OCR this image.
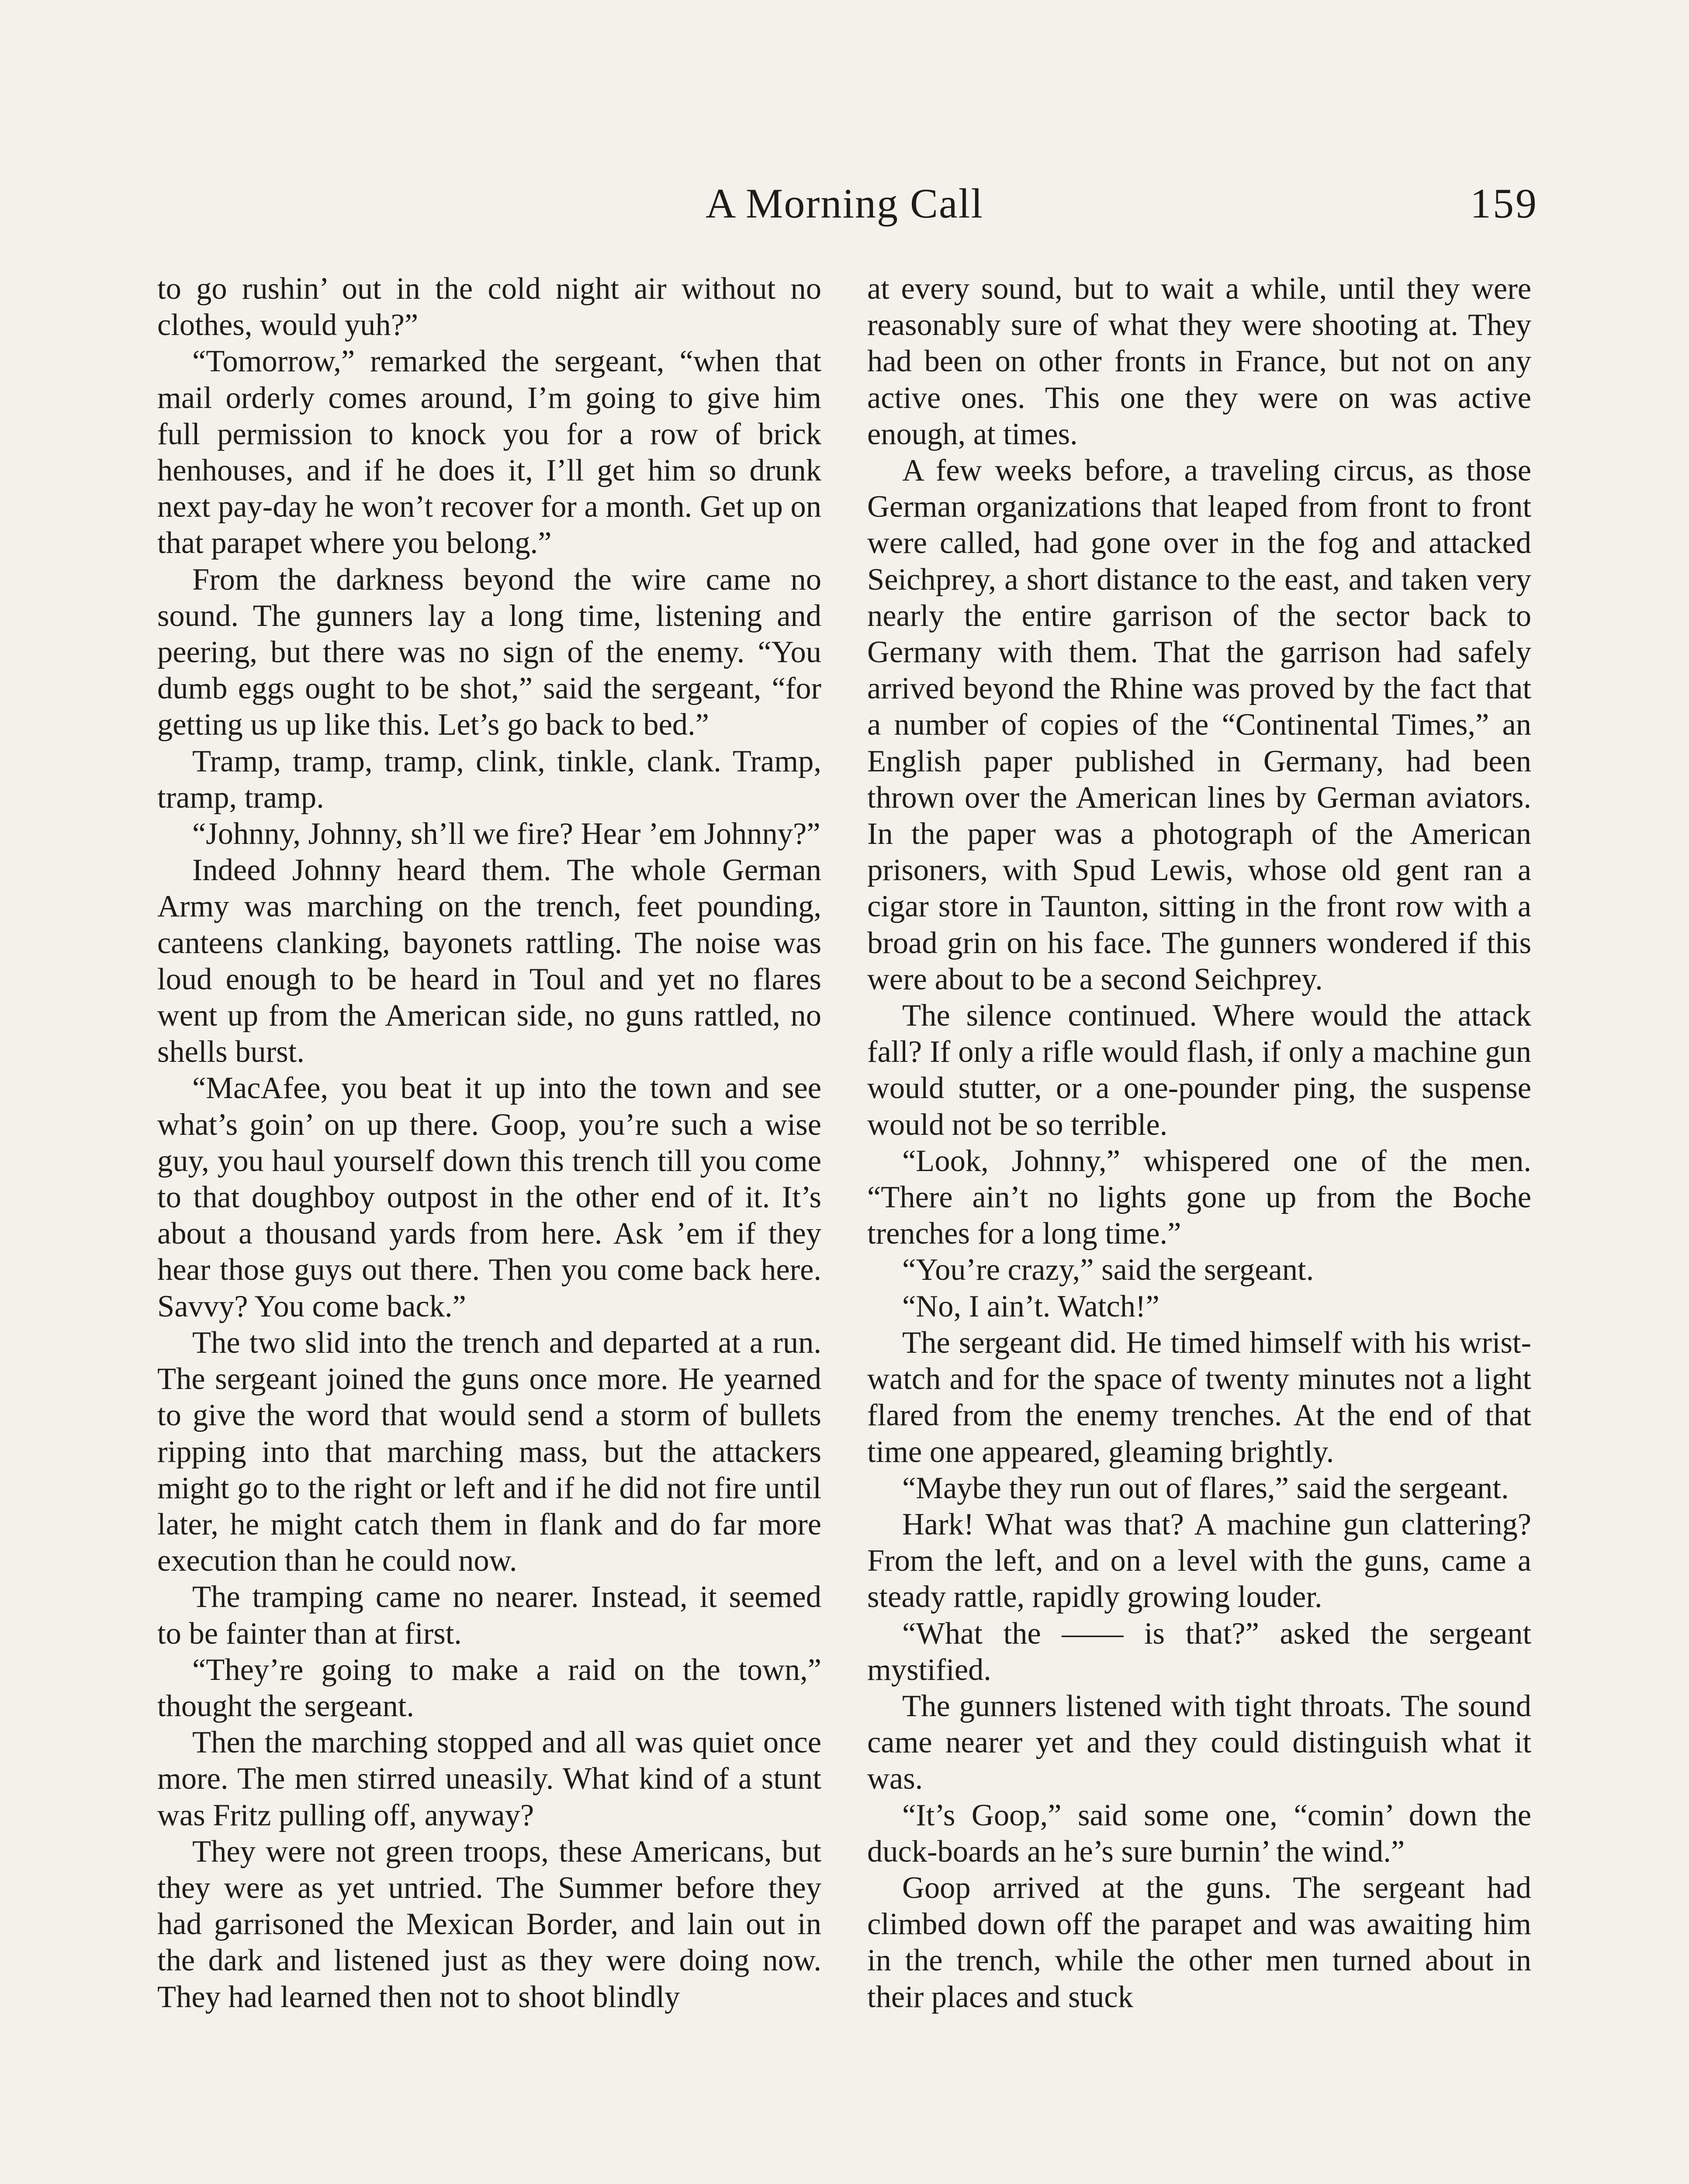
A Morning Call	159

to go rushin’ out in the cold night air without no clothes, would yuh?”

“Tomorrow,” remarked the sergeant, “when that mail orderly comes around, I’m going to give him full permission to knock you for a row of brick henhouses, and if he does it, I’ll get him so drunk next pay-day he won’t recover for a month. Get up on that parapet where you belong.”

From the darkness beyond the wire came no sound. The gunners lay a long time, listening and peering, but there was no sign of the enemy. “You dumb eggs ought to be shot,” said the sergeant, “for getting us up like this. Let’s go back to bed.”

Tramp, tramp, tramp, clink, tinkle, clank. Tramp, tramp, tramp.

“Johnny, Johnny, sh’ll we fire? Hear ’em Johnny?”

Indeed Johnny heard them. The whole German Army was marching on the trench, feet pounding, canteens clanking, bayonets rattling. The noise was loud enough to be heard in Toul and yet no flares went up from the American side, no guns rattled, no shells burst.

“MacAfee, you beat it up into the town and see what’s goin’ on up there. Goop, you’re such a wise guy, you haul yourself down this trench till you come to that doughboy outpost in the other end of it. It’s about a thousand yards from here. Ask ’em if they hear those guys out there. Then you come back here. Savvy? You come back.”

The two slid into the trench and departed at a run. The sergeant joined the guns once more. He yearned to give the word that would send a storm of bullets ripping into that marching mass, but the attackers might go to the right or left and if he did not fire until later, he might catch them in flank and do far more execution than he could now.

The tramping came no nearer. Instead, it seemed to be fainter than at first.

“They’re going to make a raid on the town,” thought the sergeant.

Then the marching stopped and all was quiet once more. The men stirred uneasily. What kind of a stunt was Fritz pulling off, anyway?

They were not green troops, these Americans, but they were as yet untried. The Summer before they had garrisoned the Mexican Border, and lain out in the dark and listened just as they were doing now. They had learned then not to shoot blindly

at every sound, but to wait a while, until they were reasonably sure of what they were shooting at. They had been on other fronts in France, but not on any active ones. This one they were on was active enough, at times.

A few weeks before, a traveling circus, as those German organizations that leaped from front to front were called, had gone over in the fog and attacked Seichprey, a short distance to the east, and taken very nearly the entire garrison of the sector back to Germany with them. That the garrison had safely arrived beyond the Rhine was proved by the fact that a number of copies of the “Continental Times,” an English paper published in Germany, had been thrown over the American lines by German aviators. In the paper was a photograph of the American prisoners, with Spud Lewis, whose old gent ran a cigar store in Taunton, sitting in the front row with a broad grin on his face. The gunners wondered if this were about to be a second Seichprey.

The silence continued. Where would the attack fall? If only a rifle would flash, if only a machine gun would stutter, or a one-pounder ping, the suspense would not be so terrible.

“Look, Johnny,” whispered one of the men. “There ain’t no lights gone up from the Boche trenches for a long time.”

“You’re crazy,” said the sergeant.

“No, I ain’t. Watch!”

The sergeant did. He timed himself with his wrist-watch and for the space of twenty minutes not a light flared from the enemy trenches. At the end of that time one appeared, gleaming brightly.

“Maybe they run out of flares,” said the sergeant.

Hark! What was that? A machine gun clattering? From the left, and on a level with the guns, came a steady rattle, rapidly growing louder.

“What the —— is that?” asked the sergeant mystified.

The gunners listened with tight throats. The sound came nearer yet and they could distinguish what it was.

“It’s Goop,” said some one, “comin’ down the duck-boards an he’s sure burnin’ the wind.”

Goop arrived at the guns. The sergeant had climbed down off the parapet and was awaiting him in the trench, while the other men turned about in their places and stuck
